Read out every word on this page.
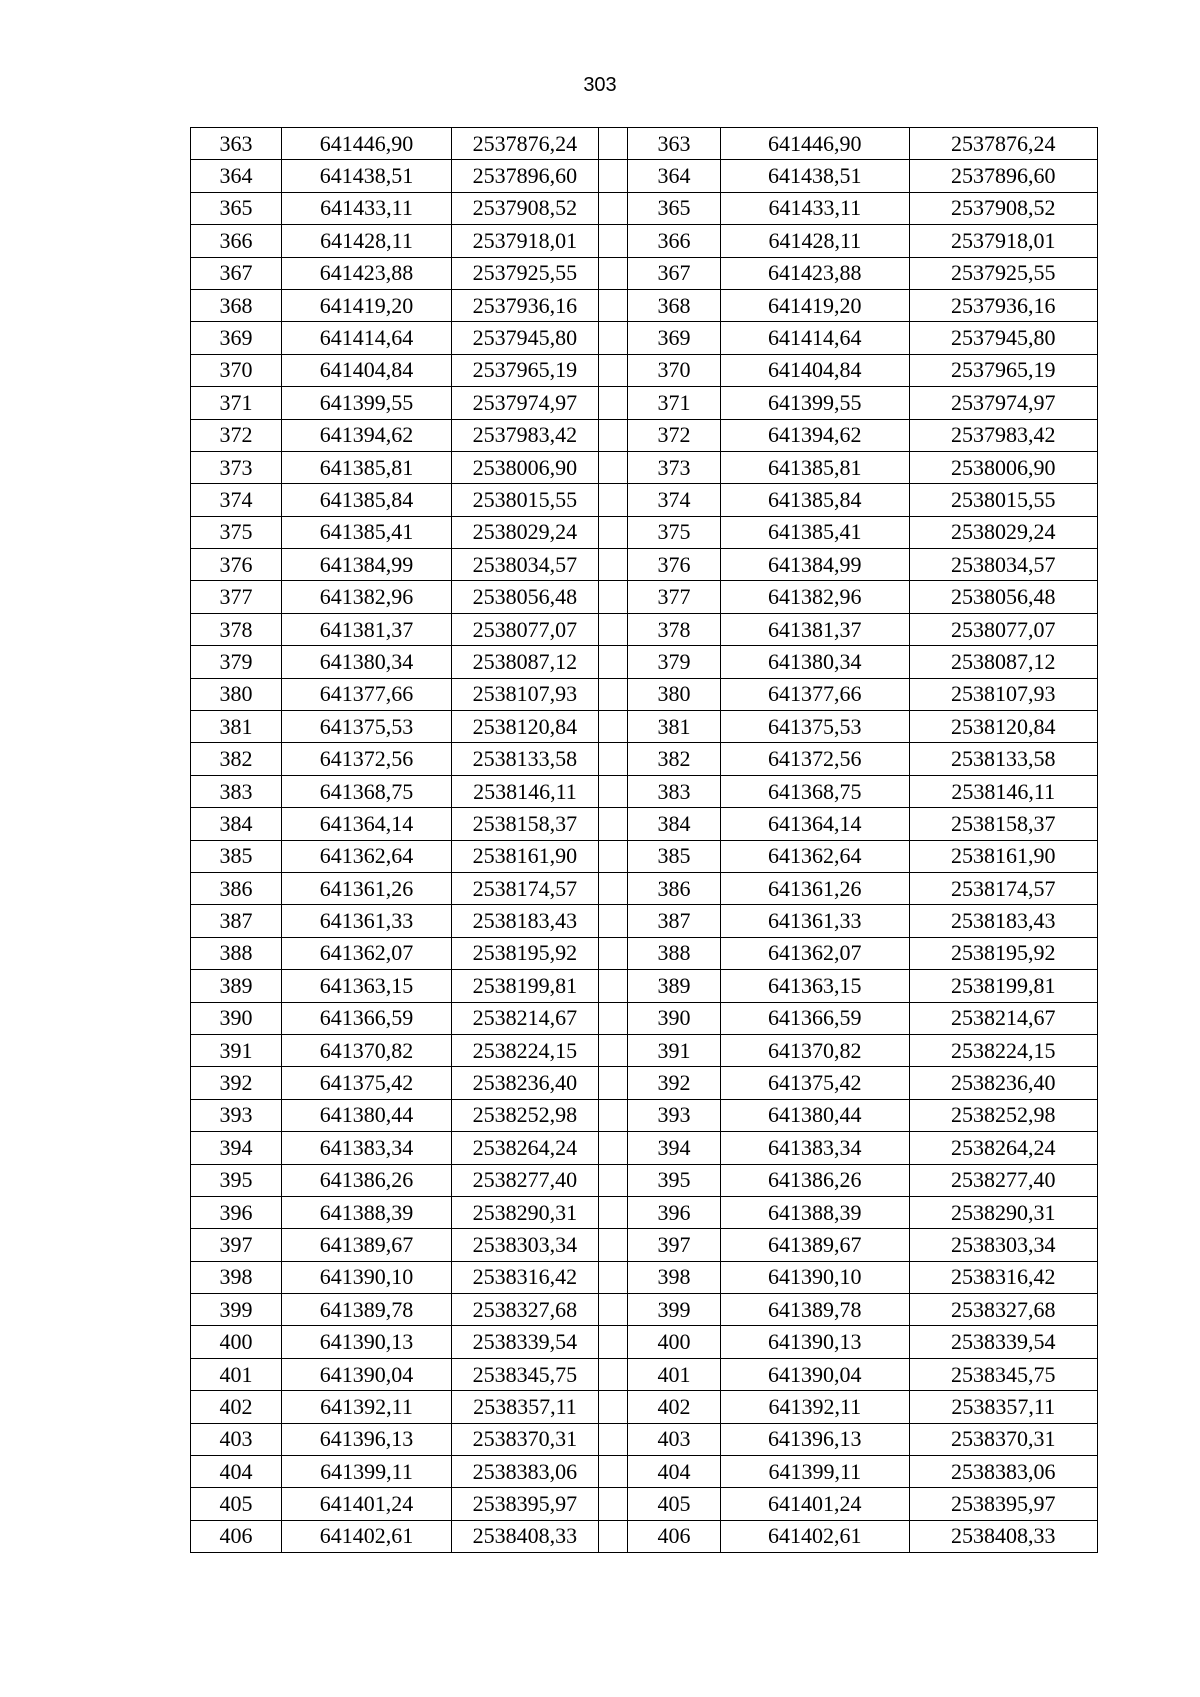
303
363	641446,90	2537876,24		363	641446,90	2537876,24
364	641438,51	2537896,60		364	641438,51	2537896,60
365	641433,11	2537908,52		365	641433,11	2537908,52
366	641428,11	2537918,01		366	641428,11	2537918,01
367	641423,88	2537925,55		367	641423,88	2537925,55
368	641419,20	2537936,16		368	641419,20	2537936,16
369	641414,64	2537945,80		369	641414,64	2537945,80
370	641404,84	2537965,19		370	641404,84	2537965,19
371	641399,55	2537974,97		371	641399,55	2537974,97
372	641394,62	2537983,42		372	641394,62	2537983,42
373	641385,81	2538006,90		373	641385,81	2538006,90
374	641385,84	2538015,55		374	641385,84	2538015,55
375	641385,41	2538029,24		375	641385,41	2538029,24
376	641384,99	2538034,57		376	641384,99	2538034,57
377	641382,96	2538056,48		377	641382,96	2538056,48
378	641381,37	2538077,07		378	641381,37	2538077,07
379	641380,34	2538087,12		379	641380,34	2538087,12
380	641377,66	2538107,93		380	641377,66	2538107,93
381	641375,53	2538120,84		381	641375,53	2538120,84
382	641372,56	2538133,58		382	641372,56	2538133,58
383	641368,75	2538146,11		383	641368,75	2538146,11
384	641364,14	2538158,37		384	641364,14	2538158,37
385	641362,64	2538161,90		385	641362,64	2538161,90
386	641361,26	2538174,57		386	641361,26	2538174,57
387	641361,33	2538183,43		387	641361,33	2538183,43
388	641362,07	2538195,92		388	641362,07	2538195,92
389	641363,15	2538199,81		389	641363,15	2538199,81
390	641366,59	2538214,67		390	641366,59	2538214,67
391	641370,82	2538224,15		391	641370,82	2538224,15
392	641375,42	2538236,40		392	641375,42	2538236,40
393	641380,44	2538252,98		393	641380,44	2538252,98
394	641383,34	2538264,24		394	641383,34	2538264,24
395	641386,26	2538277,40		395	641386,26	2538277,40
396	641388,39	2538290,31		396	641388,39	2538290,31
397	641389,67	2538303,34		397	641389,67	2538303,34
398	641390,10	2538316,42		398	641390,10	2538316,42
399	641389,78	2538327,68		399	641389,78	2538327,68
400	641390,13	2538339,54		400	641390,13	2538339,54
401	641390,04	2538345,75		401	641390,04	2538345,75
402	641392,11	2538357,11		402	641392,11	2538357,11
403	641396,13	2538370,31		403	641396,13	2538370,31
404	641399,11	2538383,06		404	641399,11	2538383,06
405	641401,24	2538395,97		405	641401,24	2538395,97
406	641402,61	2538408,33		406	641402,61	2538408,33
